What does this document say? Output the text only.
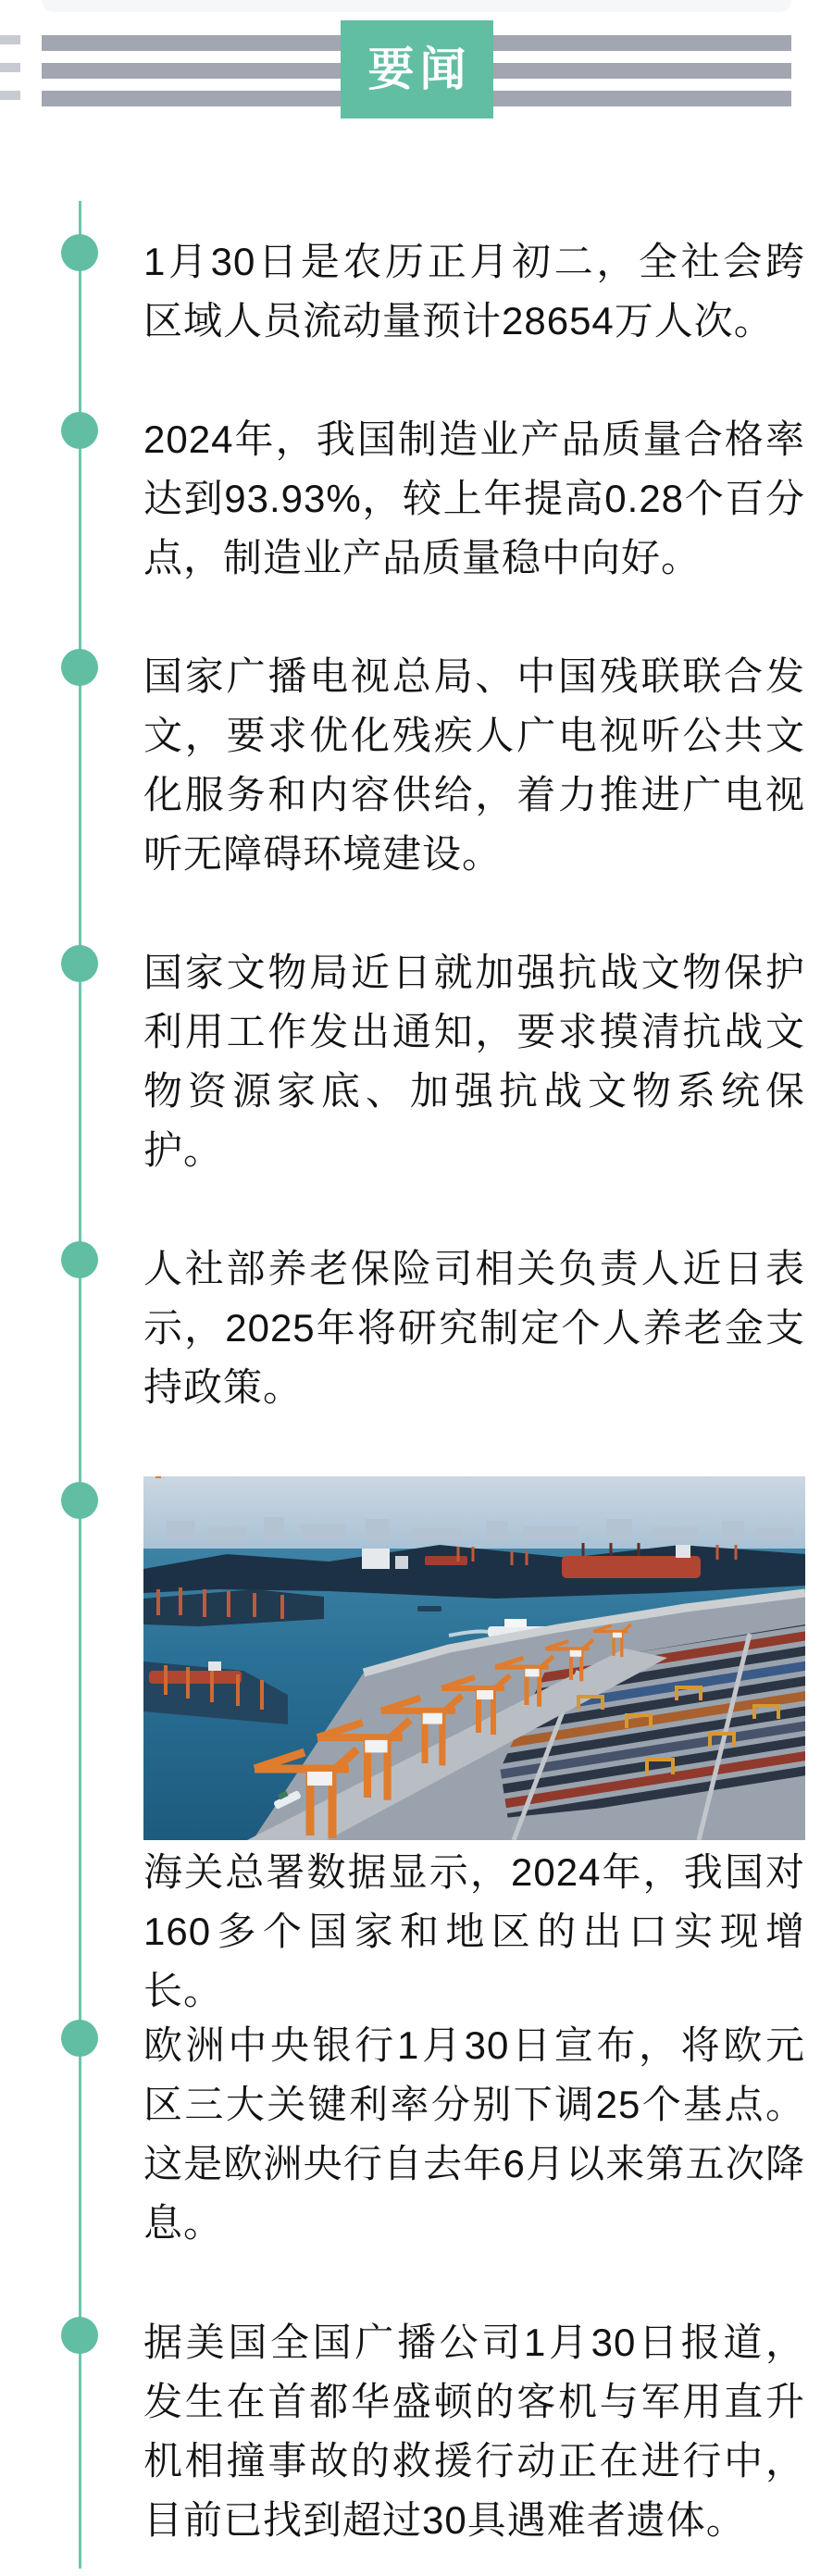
要闻

1月30日是农历正月初二，全社会跨区域人员流动量预计28654万人次。

2024年，我国制造业产品质量合格率达到93.93%，较上年提高0.28个百分点，制造业产品质量稳中向好。

国家广播电视总局、中国残联联合发文，要求优化残疾人广电视听公共文化服务和内容供给，着力推进广电视听无障碍环境建设。

国家文物局近日就加强抗战文物保护利用工作发出通知，要求摸清抗战文物资源家底、加强抗战文物系统保护。

人社部养老保险司相关负责人近日表示，2025年将研究制定个人养老金支持政策。

海关总署数据显示，2024年，我国对160多个国家和地区的出口实现增长。

欧洲中央银行1月30日宣布，将欧元区三大关键利率分别下调25个基点。这是欧洲央行自去年6月以来第五次降息。

据美国全国广播公司1月30日报道，发生在首都华盛顿的客机与军用直升机相撞事故的救援行动正在进行中，目前已找到超过30具遇难者遗体。
